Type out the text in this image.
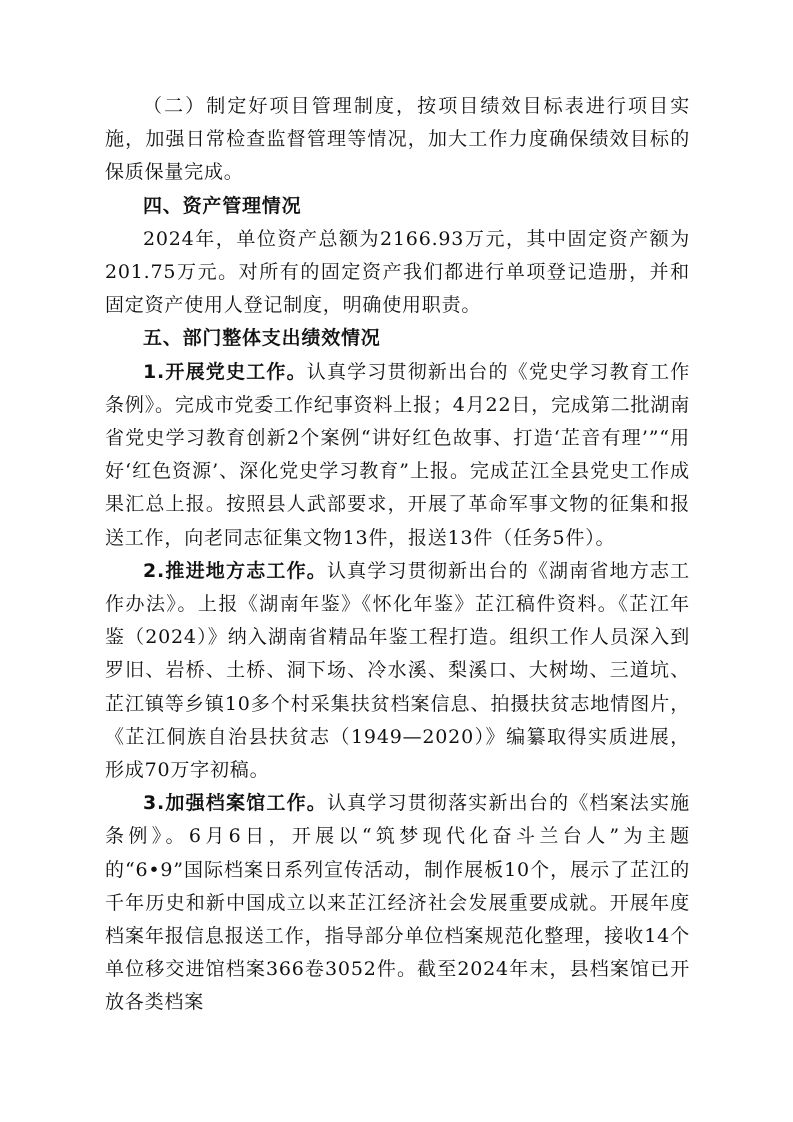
（二）制定好项目管理制度，按项目绩效目标表进行项目实施，加强日常检查监督管理等情况，加大工作力度确保绩效目标的保质保量完成。

四、资产管理情况

2024年，单位资产总额为2166.93万元，其中固定资产额为201.75万元。对所有的固定资产我们都进行单项登记造册，并和固定资产使用人登记制度，明确使用职责。

五、部门整体支出绩效情况

1.开展党史工作。认真学习贯彻新出台的《党史学习教育工作条例》。完成市党委工作纪事资料上报；4月22日，完成第二批湖南省党史学习教育创新2个案例“讲好红色故事、打造‘芷音有理’”“用好‘红色资源’、深化党史学习教育”上报。完成芷江全县党史工作成果汇总上报。按照县人武部要求，开展了革命军事文物的征集和报送工作，向老同志征集文物13件，报送13件（任务5件）。

2.推进地方志工作。认真学习贯彻新出台的《湖南省地方志工作办法》。上报《湖南年鉴》《怀化年鉴》芷江稿件资料。《芷江年鉴（2024）》纳入湖南省精品年鉴工程打造。组织工作人员深入到罗旧、岩桥、土桥、洞下场、冷水溪、梨溪口、大树坳、三道坑、芷江镇等乡镇10多个村采集扶贫档案信息、拍摄扶贫志地情图片，《芷江侗族自治县扶贫志（1949—2020）》编纂取得实质进展，形成70万字初稿。

3.加强档案馆工作。认真学习贯彻落实新出台的《档案法实施条例》。6月6日，开展以“筑梦现代化奋斗兰台人”为主题的“6•9”国际档案日系列宣传活动，制作展板10个，展示了芷江的千年历史和新中国成立以来芷江经济社会发展重要成就。开展年度档案年报信息报送工作，指导部分单位档案规范化整理，接收14个单位移交进馆档案366卷3052件。截至2024年末，县档案馆已开放各类档案
